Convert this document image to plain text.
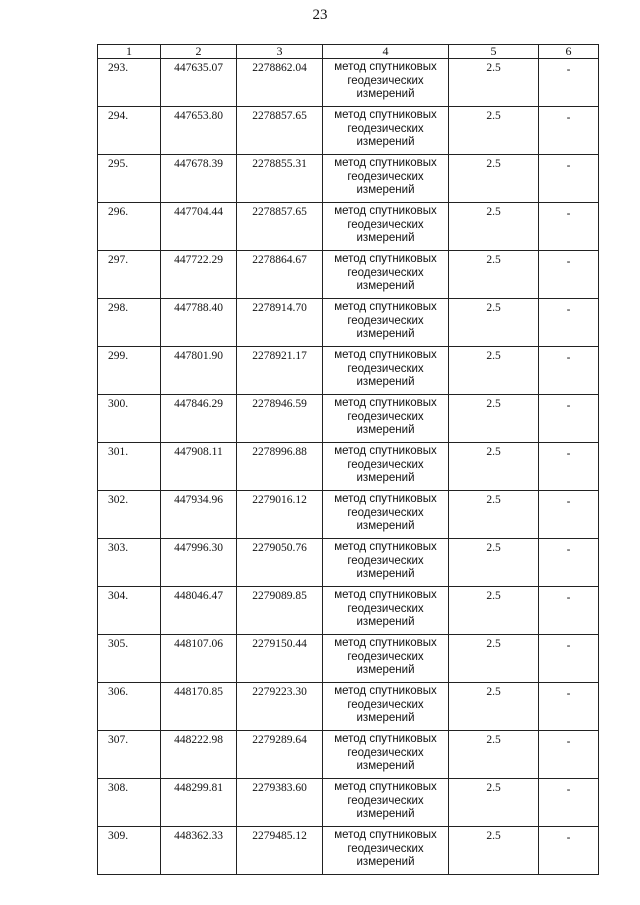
23
1	2	3	4	5	6
293.	447635.07	2278862.04	метод спутниковых геодезических измерений	2.5	-
294.	447653.80	2278857.65	метод спутниковых геодезических измерений	2.5	-
295.	447678.39	2278855.31	метод спутниковых геодезических измерений	2.5	-
296.	447704.44	2278857.65	метод спутниковых геодезических измерений	2.5	-
297.	447722.29	2278864.67	метод спутниковых геодезических измерений	2.5	-
298.	447788.40	2278914.70	метод спутниковых геодезических измерений	2.5	-
299.	447801.90	2278921.17	метод спутниковых геодезических измерений	2.5	-
300.	447846.29	2278946.59	метод спутниковых геодезических измерений	2.5	-
301.	447908.11	2278996.88	метод спутниковых геодезических измерений	2.5	-
302.	447934.96	2279016.12	метод спутниковых геодезических измерений	2.5	-
303.	447996.30	2279050.76	метод спутниковых геодезических измерений	2.5	-
304.	448046.47	2279089.85	метод спутниковых геодезических измерений	2.5	-
305.	448107.06	2279150.44	метод спутниковых геодезических измерений	2.5	-
306.	448170.85	2279223.30	метод спутниковых геодезических измерений	2.5	-
307.	448222.98	2279289.64	метод спутниковых геодезических измерений	2.5	-
308.	448299.81	2279383.60	метод спутниковых геодезических измерений	2.5	-
309.	448362.33	2279485.12	метод спутниковых геодезических измерений	2.5	-
